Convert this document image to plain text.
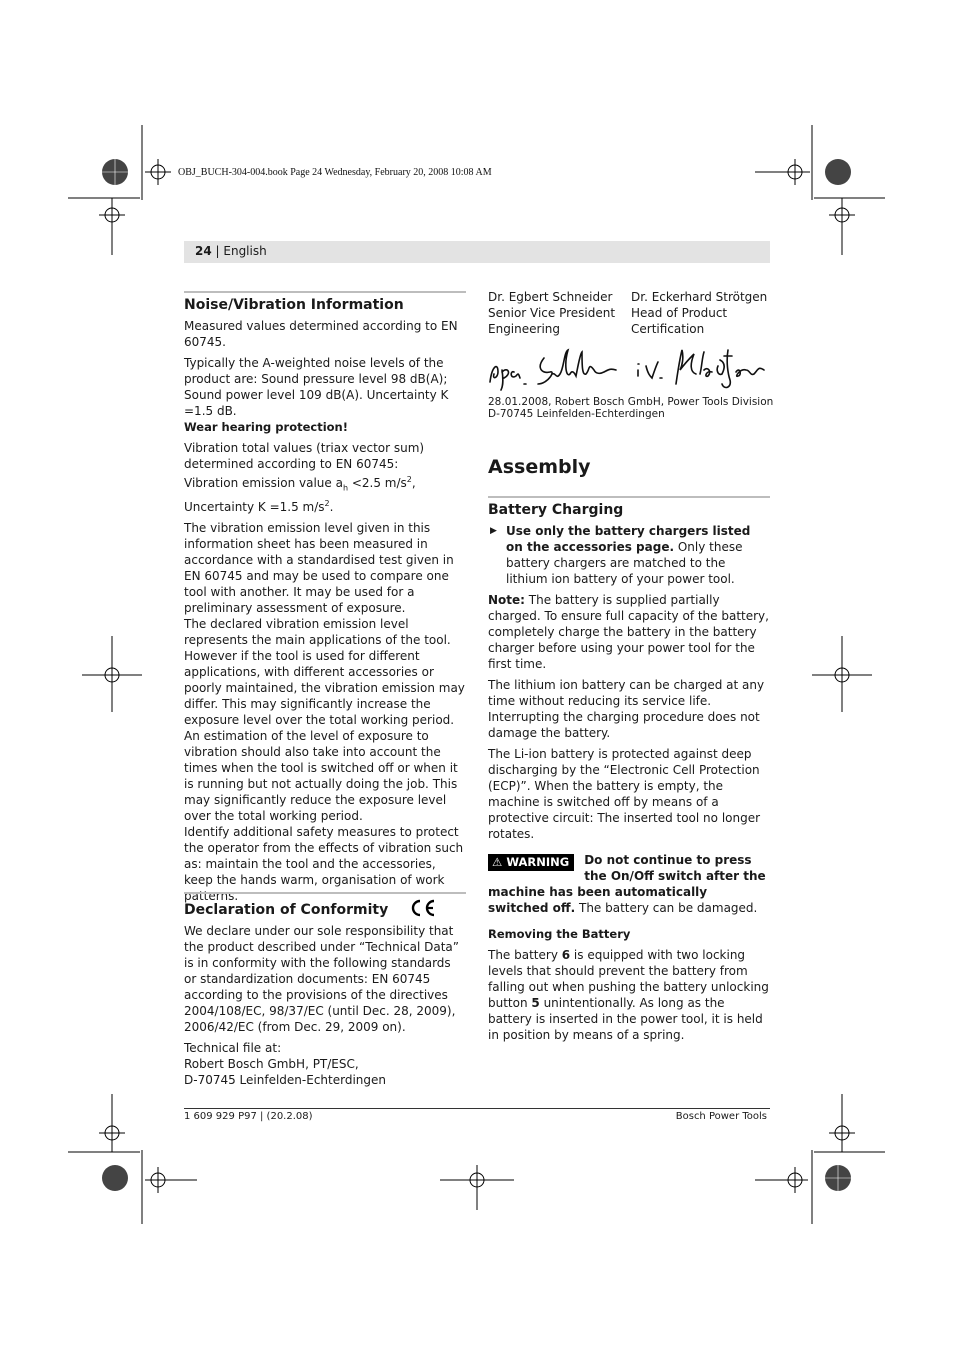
OBJ_BUCH-304-004.book Page 24 Wednesday, February 20, 2008 10:08 AM
24 | English
Noise/Vibration Information

Measured values determined according to EN 60745.

Typically the A-weighted noise levels of the product are: Sound pressure level 98 dB(A); Sound power level 109 dB(A). Uncertainty K =1.5 dB.

Wear hearing protection!

Vibration total values (triax vector sum) determined according to EN 60745:

Vibration emission value $a_h <2.5$ $m/s^2$, Uncertainty K =1.5 $m/s^2$.

The vibration emission level given in this information sheet has been measured in accordance with a standardised test given in EN 60745 and may be used to compare one tool with another. It may be used for a preliminary assessment of exposure.

The declared vibration emission level represents the main applications of the tool. However if the tool is used for different applications, with different accessories or poorly maintained, the vibration emission may differ. This may significantly increase the exposure level over the total working period.

An estimation of the level of exposure to vibration should also take into account the times when the tool is switched off or when it is running but not actually doing the job. This may significantly reduce the exposure level over the total working period.

Identify additional safety measures to protect the operator from the effects of vibration such as: maintain the tool and the accessories, keep the hands warm, organisation of work patterns.

Declaration of Conformity

We declare under our sole responsibility that the product described under “Technical Data” is in conformity with the following standards or standardization documents: EN 60745 according to the provisions of the directives 2004/108/EC, 98/37/EC (until Dec. 28, 2009), 2006/42/EC (from Dec. 29, 2009 on).

Technical file at:

Robert Bosch GmbH, PT/ESC,

D-70745 Leinfelden-Echterdingen

Dr. Egbert Schneider
Senior Vice President
Engineering
Dr. Eckerhard Strötgen
Head of Product
Certification
28.01.2008, Robert Bosch GmbH, Power Tools Division
D-70745 Leinfelden-Echterdingen
Assembly
Battery Charging

▶ Use only the battery chargers listed on the accessories page. Only these battery chargers are matched to the lithium ion battery of your power tool.

Note: The battery is supplied partially charged. To ensure full capacity of the battery, completely charge the battery in the battery charger before using your power tool for the first time.

The lithium ion battery can be charged at any time without reducing its service life. Interrupting the charging procedure does not damage the battery.

The Li-ion battery is protected against deep discharging by the “Electronic Cell Protection (ECP)”. When the battery is empty, the machine is switched off by means of a protective circuit: The inserted tool no longer rotates.

⚠ WARNING	Do not continue to press the On/Off switch after the machine has been automatically switched off. The battery can be damaged.

Removing the Battery

The battery 6 is equipped with two locking levels that should prevent the battery from falling out when pushing the battery unlocking button 5 unintentionally. As long as the battery is inserted in the power tool, it is held in position by means of a spring.

1 609 929 P97 | (20.2.08)	Bosch Power Tools
